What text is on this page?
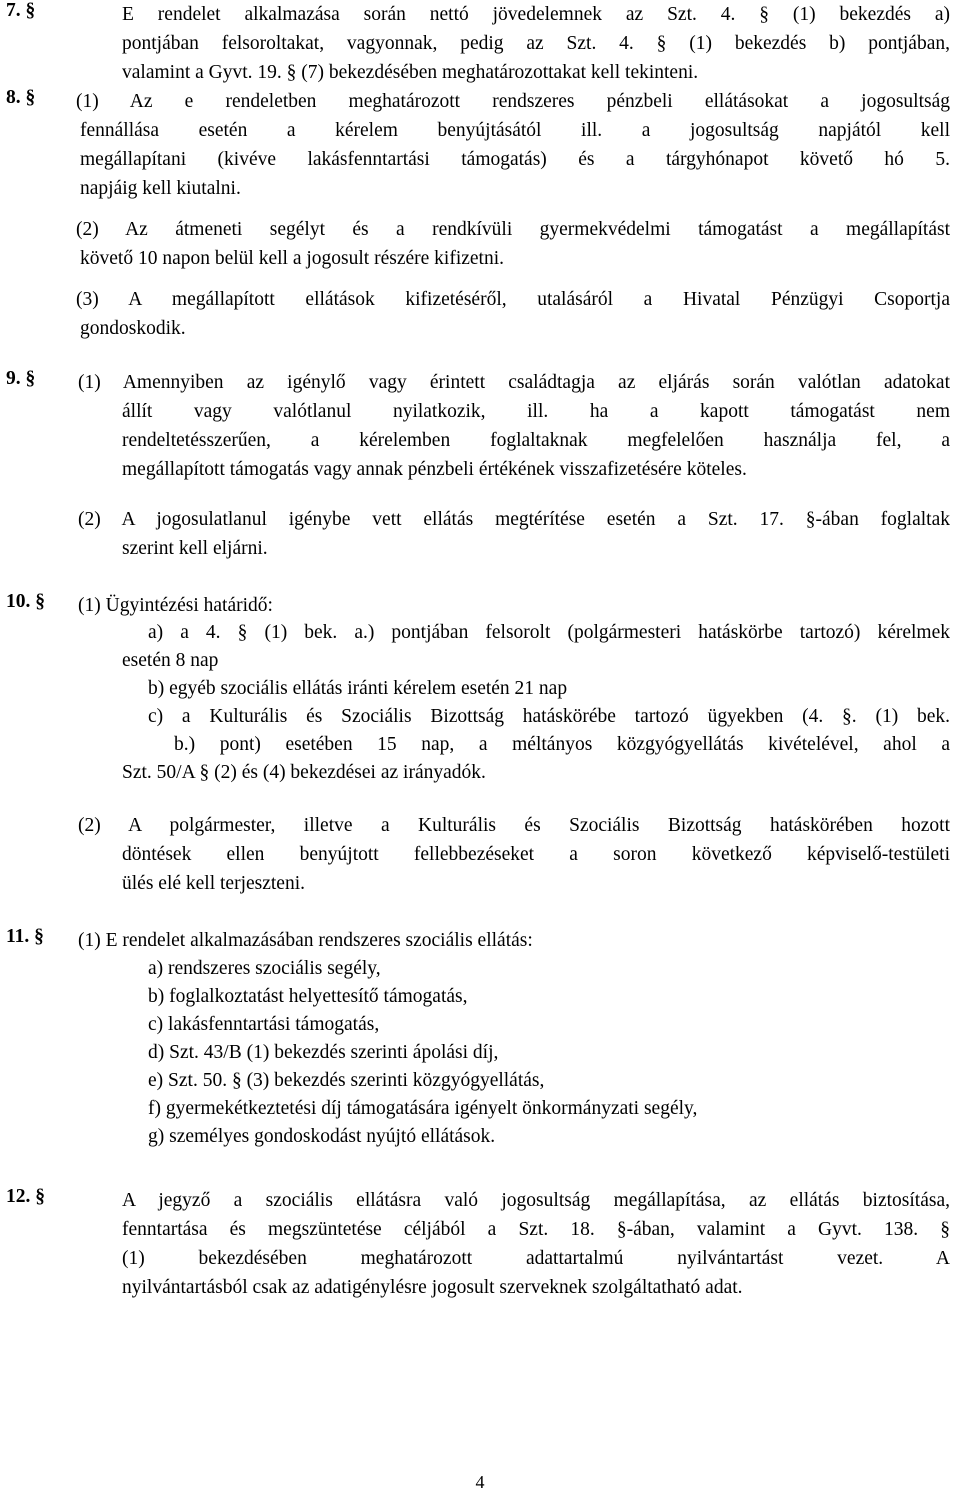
7. §	E rendelet alkalmazása során nettó jövedelemnek az Szt. 4. § (1) bekezdés a)
pontjában felsoroltakat, vagyonnak, pedig az Szt. 4. § (1) bekezdés b) pontjában,
valamint a Gyvt. 19. § (7) bekezdésében meghatározottakat kell tekinteni.
8. § (1) Az e rendeletben meghatározott rendszeres pénzbeli ellátásokat a jogosultság
fennállása esetén a kérelem benyújtásától ill. a jogosultság napjától kell
megállapítani (kivéve lakásfenntartási támogatás) és a tárgyhónapot követő hó 5.
napjáig kell kiutalni.
(2) Az átmeneti segélyt és a rendkívüli gyermekvédelmi támogatást a megállapítást
követő 10 napon belül kell a jogosult részére kifizetni.
(3) A megállapított ellátások kifizetéséről, utalásáról a Hivatal Pénzügyi Csoportja
gondoskodik.
9. § (1) Amennyiben az igénylő vagy érintett családtagja az eljárás során valótlan adatokat
állít vagy valótlanul nyilatkozik, ill. ha a kapott támogatást nem
rendeltetésszerűen, a kérelemben foglaltaknak megfelelően használja fel, a
megállapított támogatás vagy annak pénzbeli értékének visszafizetésére köteles.
(2) A jogosulatlanul igénybe vett ellátás megtérítése esetén a Szt. 17. §-ában foglaltak
szerint kell eljárni.
10. § (1) Ügyintézési határidő:
a) a 4. § (1) bek. a.) pontjában felsorolt (polgármesteri hatáskörbe tartozó) kérelmek
esetén 8 nap
b) egyéb szociális ellátás iránti kérelem esetén 21 nap
c) a Kulturális és Szociális Bizottság hatáskörébe tartozó ügyekben (4. §. (1) bek.
b.) pont) esetében 15 nap, a méltányos közgyógyellátás kivételével, ahol a
Szt. 50/A § (2) és (4) bekezdései az irányadók.
(2) A polgármester, illetve a Kulturális és Szociális Bizottság hatáskörében hozott
döntések ellen benyújtott fellebbezéseket a soron következő képviselő-testületi
ülés elé kell terjeszteni.
11. § (1) E rendelet alkalmazásában rendszeres szociális ellátás:
a) rendszeres szociális segély,
b) foglalkoztatást helyettesítő támogatás,
c) lakásfenntartási támogatás,
d) Szt. 43/B (1) bekezdés szerinti ápolási díj,
e) Szt. 50. § (3) bekezdés szerinti közgyógyellátás,
f) gyermekétkeztetési díj támogatására igényelt önkormányzati segély,
g) személyes gondoskodást nyújtó ellátások.
12. §	A jegyző a szociális ellátásra való jogosultság megállapítása, az ellátás biztosítása,
fenntartása és megszüntetése céljából a Szt. 18. §-ában, valamint a Gyvt. 138. §
(1) bekezdésében meghatározott adattartalmú nyilvántartást vezet. A
nyilvántartásból csak az adatigénylésre jogosult szerveknek szolgáltatható adat.
4
